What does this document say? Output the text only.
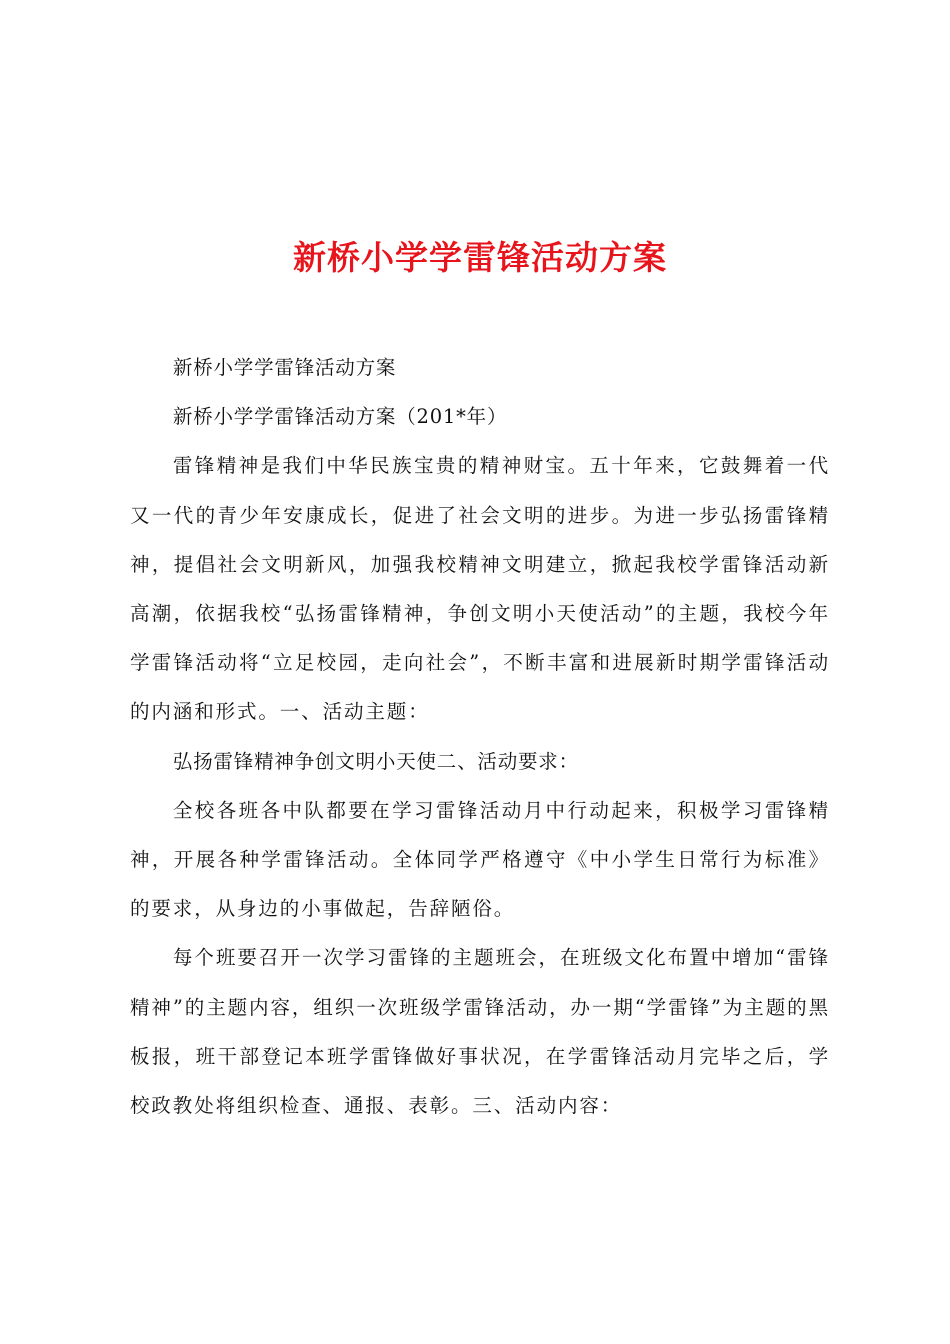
新桥小学学雷锋活动方案

新桥小学学雷锋活动方案

新桥小学学雷锋活动方案（201*年）

雷锋精神是我们中华民族宝贵的精神财宝。五十年来，它鼓舞着一代又一代的青少年安康成长，促进了社会文明的进步。为进一步弘扬雷锋精神，提倡社会文明新风，加强我校精神文明建立，掀起我校学雷锋活动新高潮，依据我校“弘扬雷锋精神，争创文明小天使活动”的主题，我校今年学雷锋活动将“立足校园，走向社会”，不断丰富和进展新时期学雷锋活动的内涵和形式。一、活动主题：

弘扬雷锋精神争创文明小天使二、活动要求：

全校各班各中队都要在学习雷锋活动月中行动起来，积极学习雷锋精神，开展各种学雷锋活动。全体同学严格遵守《中小学生日常行为标准》的要求，从身边的小事做起，告辞陋俗。

每个班要召开一次学习雷锋的主题班会，在班级文化布置中增加“雷锋精神”的主题内容，组织一次班级学雷锋活动，办一期“学雷锋”为主题的黑板报，班干部登记本班学雷锋做好事状况，在学雷锋活动月完毕之后，学校政教处将组织检查、通报、表彰。三、活动内容：
